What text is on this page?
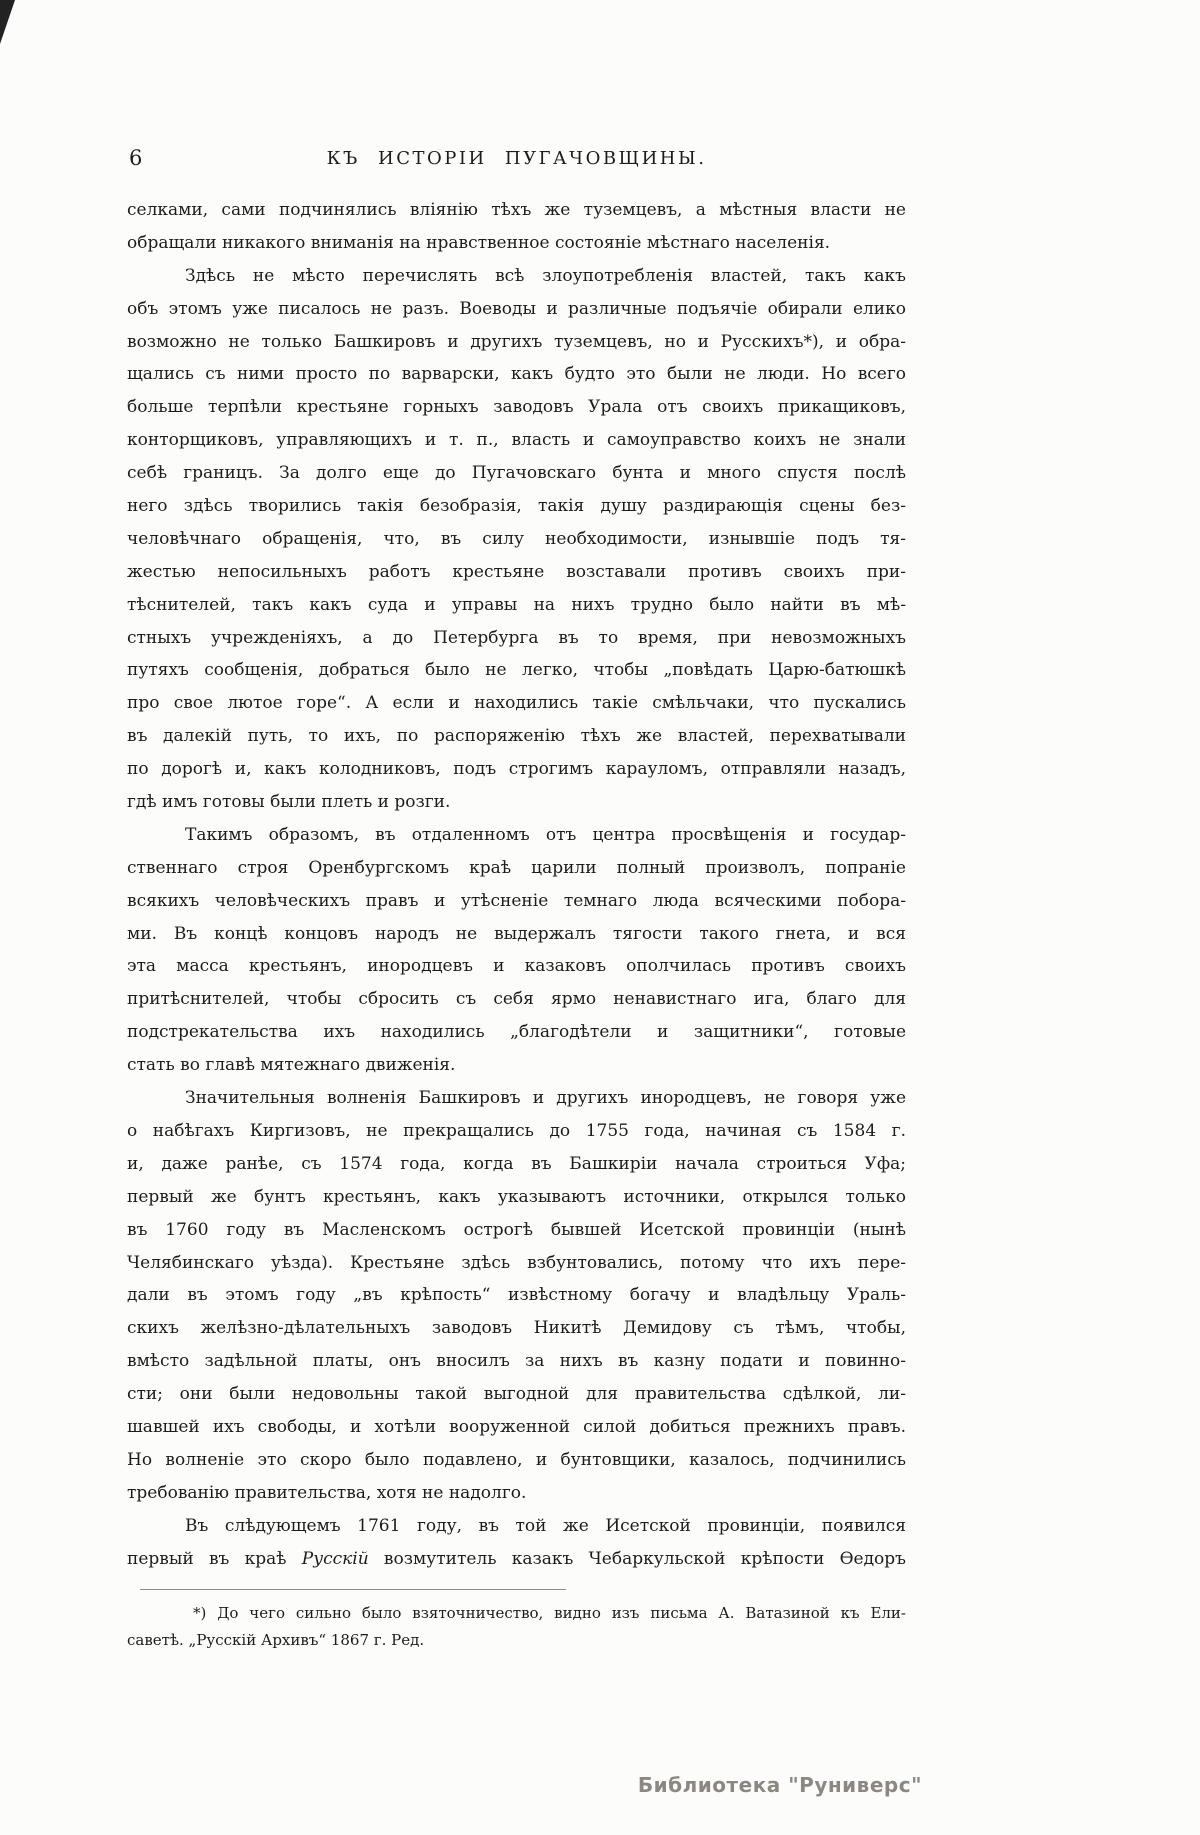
6	КЪ ИСТОРІИ ПУГАЧОВЩИНЫ.
селками, сами подчинялись вліянію тѣхъ же туземцевъ, а мѣстныя власти не
обращали никакого вниманія на нравственное состояніе мѣстнаго населенія.
Здѣсь не мѣсто перечислять всѣ злоупотребленія властей, такъ какъ
объ этомъ уже писалось не разъ. Воеводы и различные подъячіе обирали елико
возможно не только Башкировъ и другихъ туземцевъ, но и Русскихъ*), и обра-
щались съ ними просто по варварски, какъ будто это были не люди. Но всего
больше терпѣли крестьяне горныхъ заводовъ Урала отъ своихъ прикащиковъ,
конторщиковъ, управляющихъ и т. п., власть и самоуправство коихъ не знали
себѣ границъ. За долго еще до Пугачовскаго бунта и много спустя послѣ
него здѣсь творились такія безобразія, такія душу раздирающія сцены без-
человѣчнаго обращенія, что, въ силу необходимости, изнывшіе подъ тя-
жестью непосильныхъ работъ крестьяне возставали противъ своихъ при-
тѣснителей, такъ какъ суда и управы на нихъ трудно было найти въ мѣ-
стныхъ учрежденіяхъ, а до Петербурга въ то время, при невозможныхъ
путяхъ сообщенія, добраться было не легко, чтобы „повѣдать Царю-батюшкѣ
про свое лютое горе“. А если и находились такіе смѣльчаки, что пускались
въ далекій путь, то ихъ, по распоряженію тѣхъ же властей, перехватывали
по дорогѣ и, какъ колодниковъ, подъ строгимъ карауломъ, отправляли назадъ,
гдѣ имъ готовы были плеть и розги.
Такимъ образомъ, въ отдаленномъ отъ центра просвѣщенія и государ-
ственнаго строя Оренбургскомъ краѣ царили полный произволъ, попраніе
всякихъ человѣческихъ правъ и утѣсненіе темнаго люда всяческими побора-
ми. Въ концѣ концовъ народъ не выдержалъ тягости такого гнета, и вся
эта масса крестьянъ, инородцевъ и казаковъ ополчилась противъ своихъ
притѣснителей, чтобы сбросить съ себя ярмо ненавистнаго ига, благо для
подстрекательства ихъ находились „благодѣтели и защитники“, готовые
стать во главѣ мятежнаго движенія.
Значительныя волненія Башкировъ и другихъ инородцевъ, не говоря уже
о набѣгахъ Киргизовъ, не прекращались до 1755 года, начиная съ 1584 г.
и, даже ранѣе, съ 1574 года, когда въ Башкиріи начала строиться Уфа;
первый же бунтъ крестьянъ, какъ указываютъ источники, открылся только
въ 1760 году въ Масленскомъ острогѣ бывшей Исетской провинціи (нынѣ
Челябинскаго уѣзда). Крестьяне здѣсь взбунтовались, потому что ихъ пере-
дали въ этомъ году „въ крѣпость“ извѣстному богачу и владѣльцу Ураль-
скихъ желѣзно-дѣлательныхъ заводовъ Никитѣ Демидову съ тѣмъ, чтобы,
вмѣсто задѣльной платы, онъ вносилъ за нихъ въ казну подати и повинно-
сти; они были недовольны такой выгодной для правительства сдѣлкой, ли-
шавшей ихъ свободы, и хотѣли вооруженной силой добиться прежнихъ правъ.
Но волненіе это скоро было подавлено, и бунтовщики, казалось, подчинились
требованію правительства, хотя не надолго.
Въ слѣдующемъ 1761 году, въ той же Исетской провинціи, появился
первый въ краѣ Русскій возмутитель казакъ Чебаркульской крѣпости Ѳедоръ
*) До чего сильно было взяточничество, видно изъ письма А. Ватазиной къ Ели-
саветѣ. „Русскій Архивъ“ 1867 г. Ред.
Библиотека "Руниверс"
